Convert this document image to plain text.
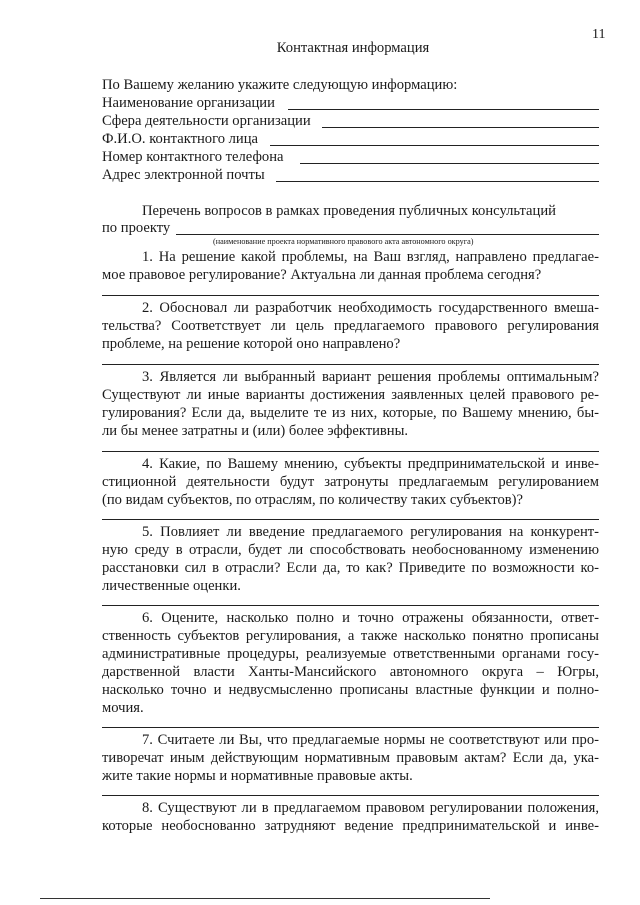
11
Контактная информация
По Вашему желанию укажите следующую информацию:
Наименование организации
Сфера деятельности организации
Ф.И.О. контактного лица
Номер контактного телефона
Адрес электронной почты
Перечень вопросов в рамках проведения публичных консультаций
по проекту
(наименование проекта нормативного правового акта автономного округа)
1. На решение какой проблемы, на Ваш взгляд, направлено предлагае-
мое правовое регулирование? Актуальна ли данная проблема сегодня?
2. Обосновал ли разработчик необходимость государственного вмеша-
тельства? Соответствует ли цель предлагаемого правового регулирования
проблеме, на решение которой оно направлено?
3. Является ли выбранный вариант решения проблемы оптимальным?
Существуют ли иные варианты достижения заявленных целей правового ре-
гулирования? Если да, выделите те из них, которые, по Вашему мнению, бы-
ли бы менее затратны и (или) более эффективны.
4. Какие, по Вашему мнению, субъекты предпринимательской и инве-
стиционной деятельности будут затронуты предлагаемым регулированием
(по видам субъектов, по отраслям, по количеству таких субъектов)?
5. Повлияет ли введение предлагаемого регулирования на конкурент-
ную среду в отрасли, будет ли способствовать необоснованному изменению
расстановки сил в отрасли? Если да, то как? Приведите по возможности ко-
личественные оценки.
6. Оцените, насколько полно и точно отражены обязанности, ответ-
ственность субъектов регулирования, а также насколько понятно прописаны
административные процедуры, реализуемые ответственными органами госу-
дарственной власти Ханты-Мансийского автономного округа – Югры,
насколько точно и недвусмысленно прописаны властные функции и полно-
мочия.
7. Считаете ли Вы, что предлагаемые нормы не соответствуют или про-
тиворечат иным действующим нормативным правовым актам? Если да, ука-
жите такие нормы и нормативные правовые акты.
8. Существуют ли в предлагаемом правовом регулировании положения,
которые необоснованно затрудняют ведение предпринимательской и инве-
